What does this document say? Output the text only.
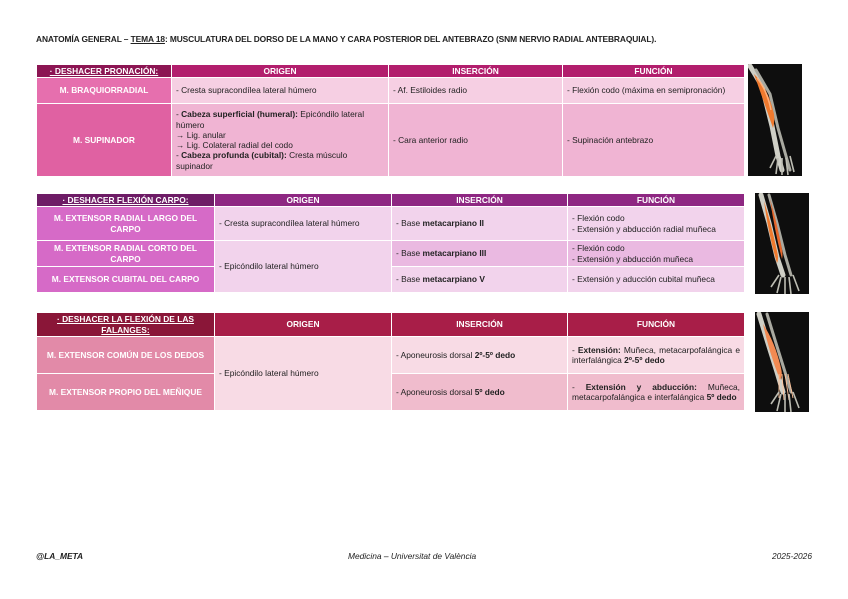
ANATOMÍA GENERAL – TEMA 18: MUSCULATURA DEL DORSO DE LA MANO Y CARA POSTERIOR DEL ANTEBRAZO (SNM NERVIO RADIAL ANTEBRAQUIAL).
· DESHACER PRONACIÓN:	ORIGEN	INSERCIÓN	FUNCIÓN
M. BRAQUIORRADIAL	- Cresta supracondílea lateral húmero	- Af. Estiloides radio	- Flexión codo (máxima en semipronación)
M. SUPINADOR	- Cabeza superficial (humeral): Epicóndilo lateral húmero
→ Lig. anular
→ Lig. Colateral radial del codo
- Cabeza profunda (cubital): Cresta músculo supinador	- Cara anterior radio	- Supinación antebrazo
· DESHACER FLEXIÓN CARPO:	ORIGEN	INSERCIÓN	FUNCIÓN
M. EXTENSOR RADIAL LARGO DEL CARPO	- Cresta supracondílea lateral húmero	- Base metacarpiano II	- Flexión codo
- Extensión y abducción radial muñeca

M. EXTENSOR RADIAL CORTO DEL CARPO	- Epicóndilo lateral húmero	- Base metacarpiano III	- Flexión codo
- Extensión y abducción muñeca

M. EXTENSOR CUBITAL DEL CARPO		- Base metacarpiano V	- Extensión y aducción cubital muñeca
· DESHACER LA FLEXIÓN DE LAS FALANGES:	ORIGEN	INSERCIÓN	FUNCIÓN
M. EXTENSOR COMÚN DE LOS DEDOS	- Epicóndilo lateral húmero	- Aponeurosis dorsal 2º-5º dedo	- Extensión: Muñeca, metacarpofalángica e interfalángica 2º-5º dedo
M. EXTENSOR PROPIO DEL MEÑIQUE		- Aponeurosis dorsal 5º dedo	- Extensión y abducción: Muñeca, metacarpofalángica e interfalángica 5º dedo
@LA_META	Medicina – Universitat de València	2025-2026
